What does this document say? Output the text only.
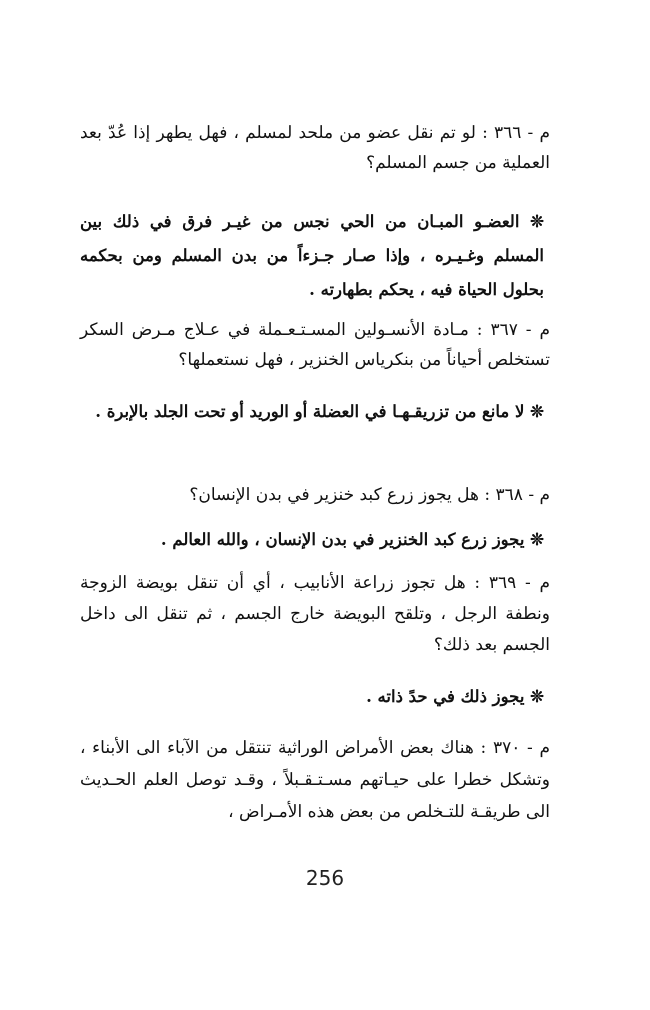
م - ٣٦٦ : لو تم نقل عضو من ملحد لمسلم ، فهل يطهر إذا عُدّ بعد العملية من جسم المسلم؟

❊ العضـو المبـان من الحي نجس من غيـر فرق في ذلك بين المسلم وغـيـره ، وإذا صـار جـزءاً من بدن المسلم ومن بحكمه بحلول الحياة فيه ، يحكم بطهارته .

م - ٣٦٧ : مـادة الأنسـولين المسـتـعـملة في عـلاج مـرض السكر تستخلص أحياناً من بنكرياس الخنزير ، فهل نستعملها؟

❊ لا مانع من تزريقـهـا في العضلة أو الوريد أو تحت الجلد بالإبرة .

م - ٣٦٨ : هل يجوز زرع كبد خنزير في بدن الإنسان؟

❊ يجوز زرع كبد الخنزير في بدن الإنسان ، والله العالم .

م - ٣٦٩ : هل تجوز زراعة الأنابيب ، أي أن تنقل بويضة الزوجة ونطفة الرجل ، وتلقح البويضة خارج الجسم ، ثم تنقل الى داخل الجسم بعد ذلك؟

❊ يجوز ذلك في حدً ذاته .

م - ٣٧٠ : هناك بعض الأمراض الوراثية تنتقل من الآباء الى الأبناء ، وتشكل خطرا على حيـاتهم مسـتـقـبلاً ، وقـد توصل العلم الحـديث الى طريقـة للتـخلص من بعض هذه الأمـراض ،

256
